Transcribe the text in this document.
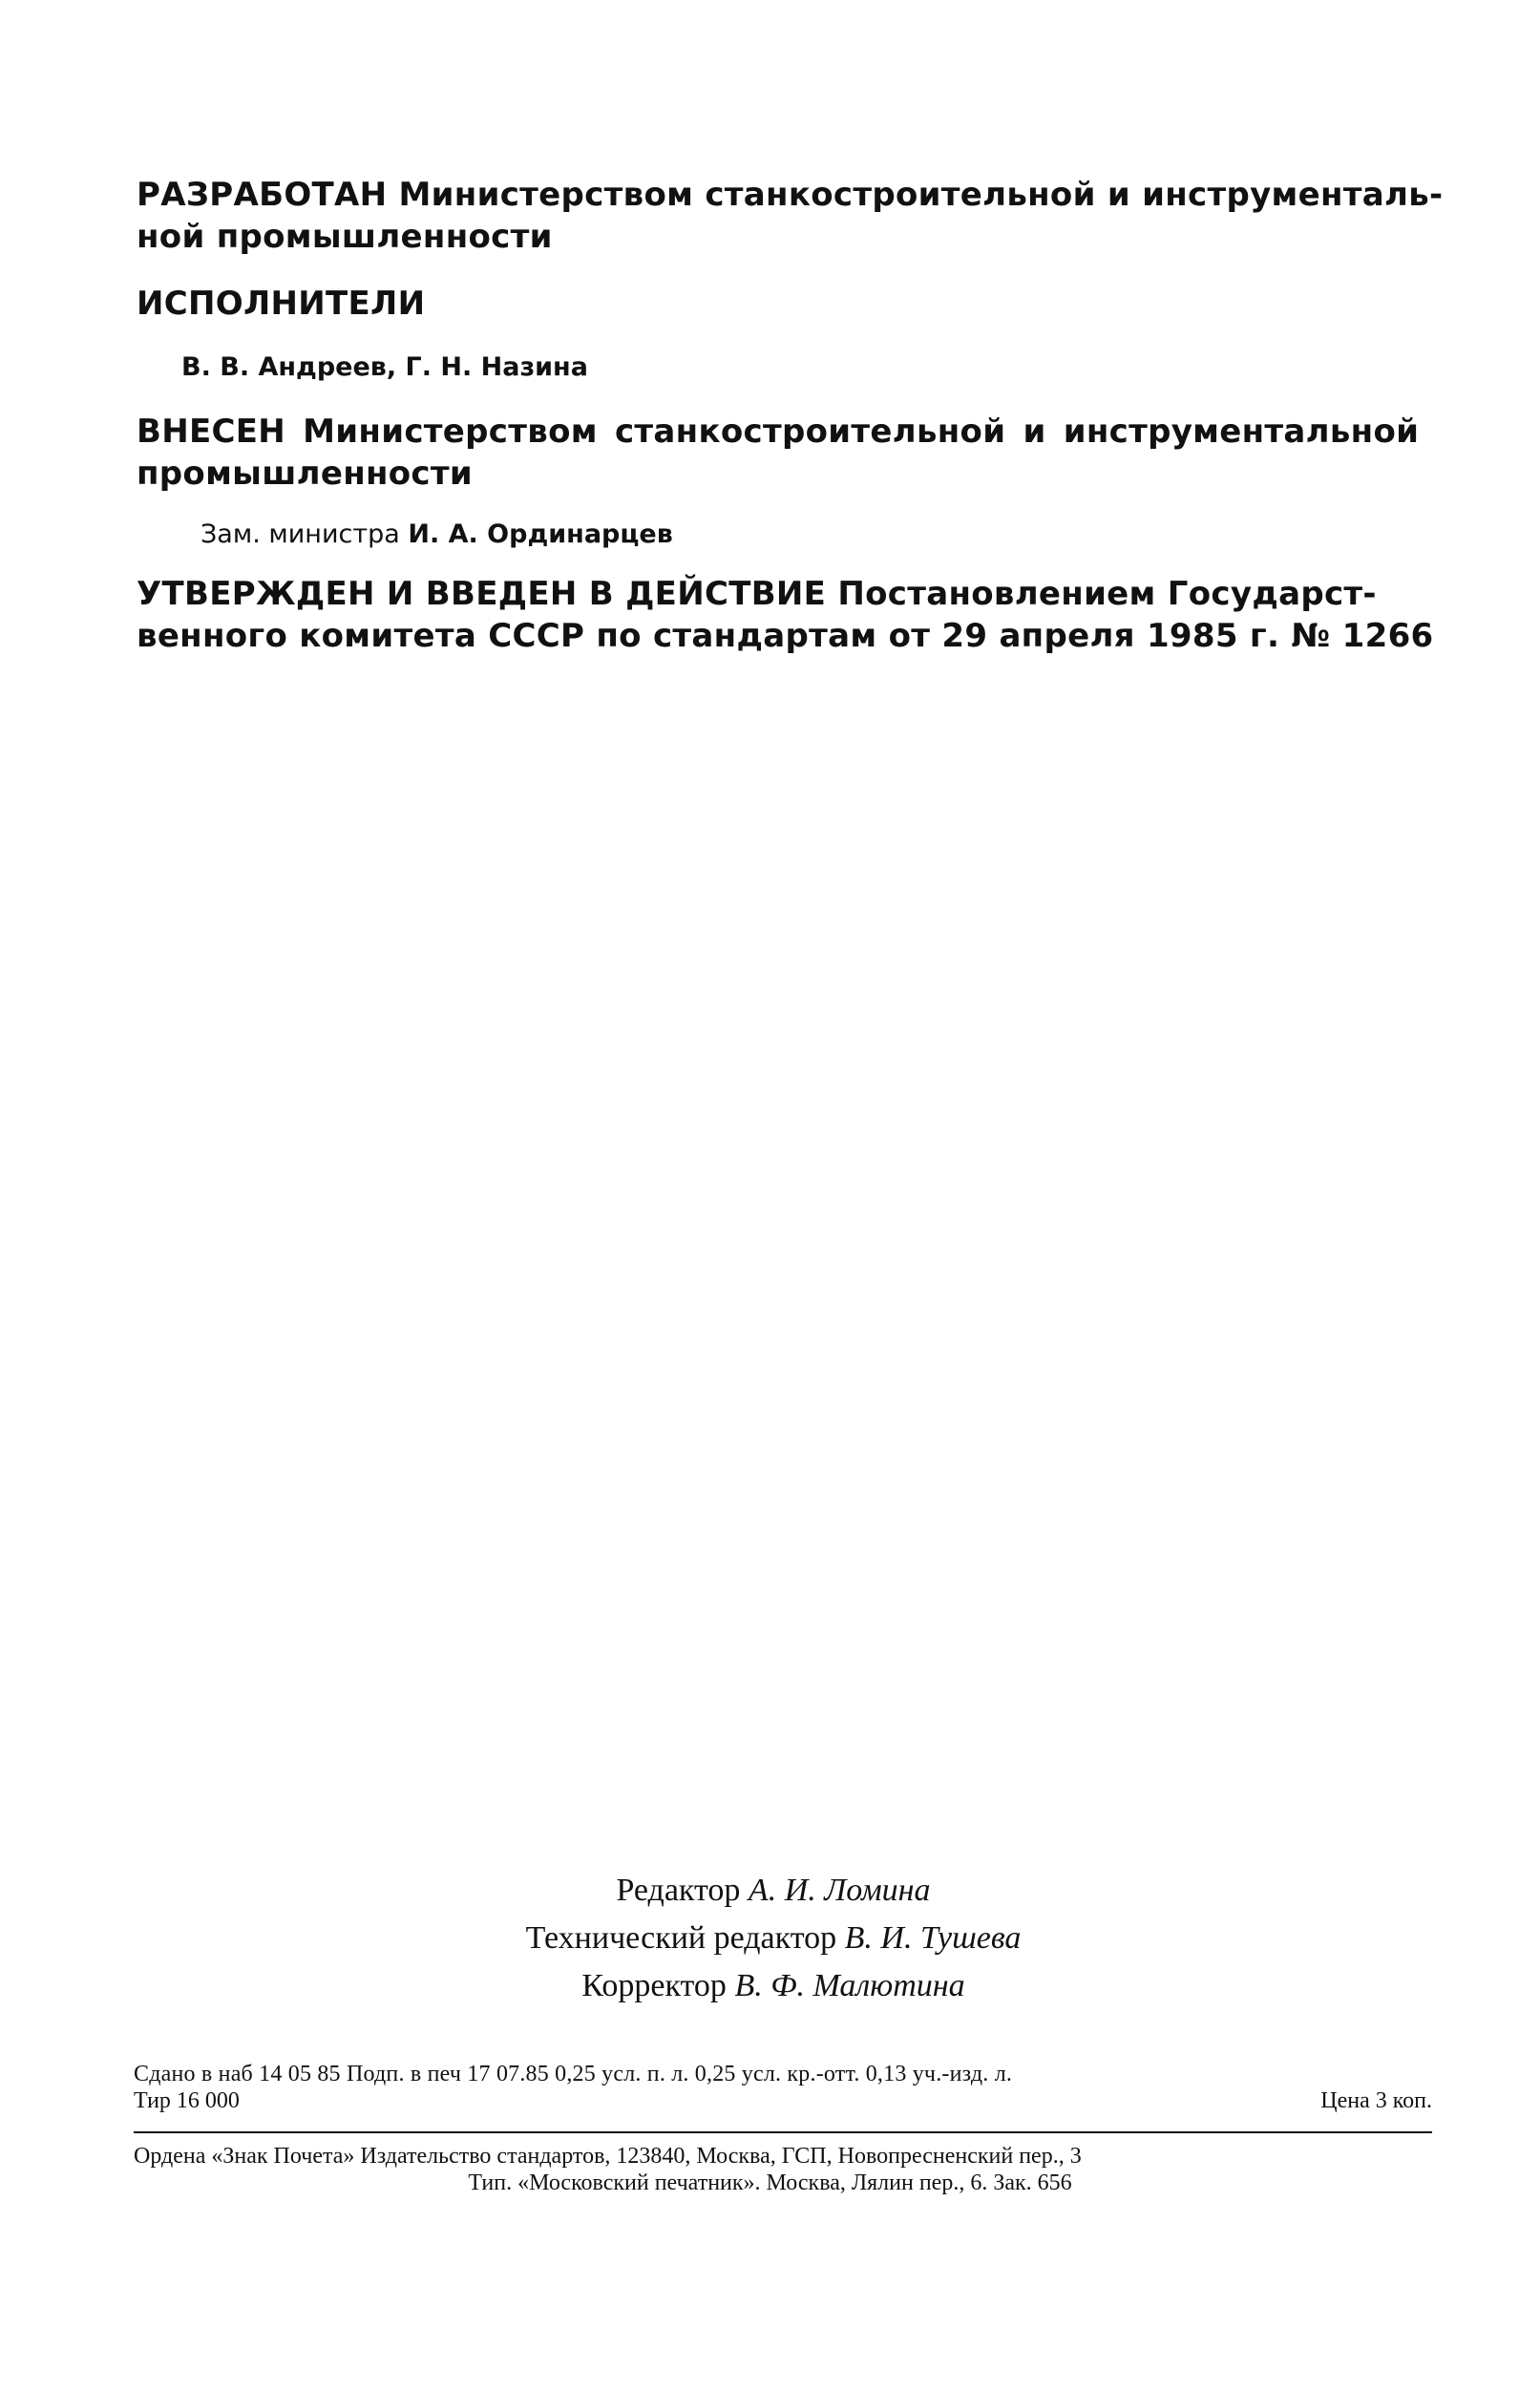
РАЗРАБОТАН Министерством станкостроительной и инструменталь-
ной промышленности
ИСПОЛНИТЕЛИ
В. В. Андреев, Г. Н. Назина
ВНЕСЕН Министерством станкостроительной и инструментальной
промышленности
Зам. министра И. А. Ординарцев
УТВЕРЖДЕН И ВВЕДЕН В ДЕЙСТВИЕ Постановлением Государст-
венного комитета СССР по стандартам от 29 апреля 1985 г. № 1266
Редактор А. И. Ломина
Технический редактор В. И. Тушева
Корректор В. Ф. Малютина
Сдано в наб 14 05 85 Подп. в печ 17 07.85 0,25 усл. п. л. 0,25 усл. кр.-отт. 0,13 уч.-изд. л.
Тир 16 000	Цена 3 коп.
Ордена «Знак Почета» Издательство стандартов, 123840, Москва, ГСП, Новопресненский пер., 3
Тип. «Московский печатник». Москва, Лялин пер., 6. Зак. 656
